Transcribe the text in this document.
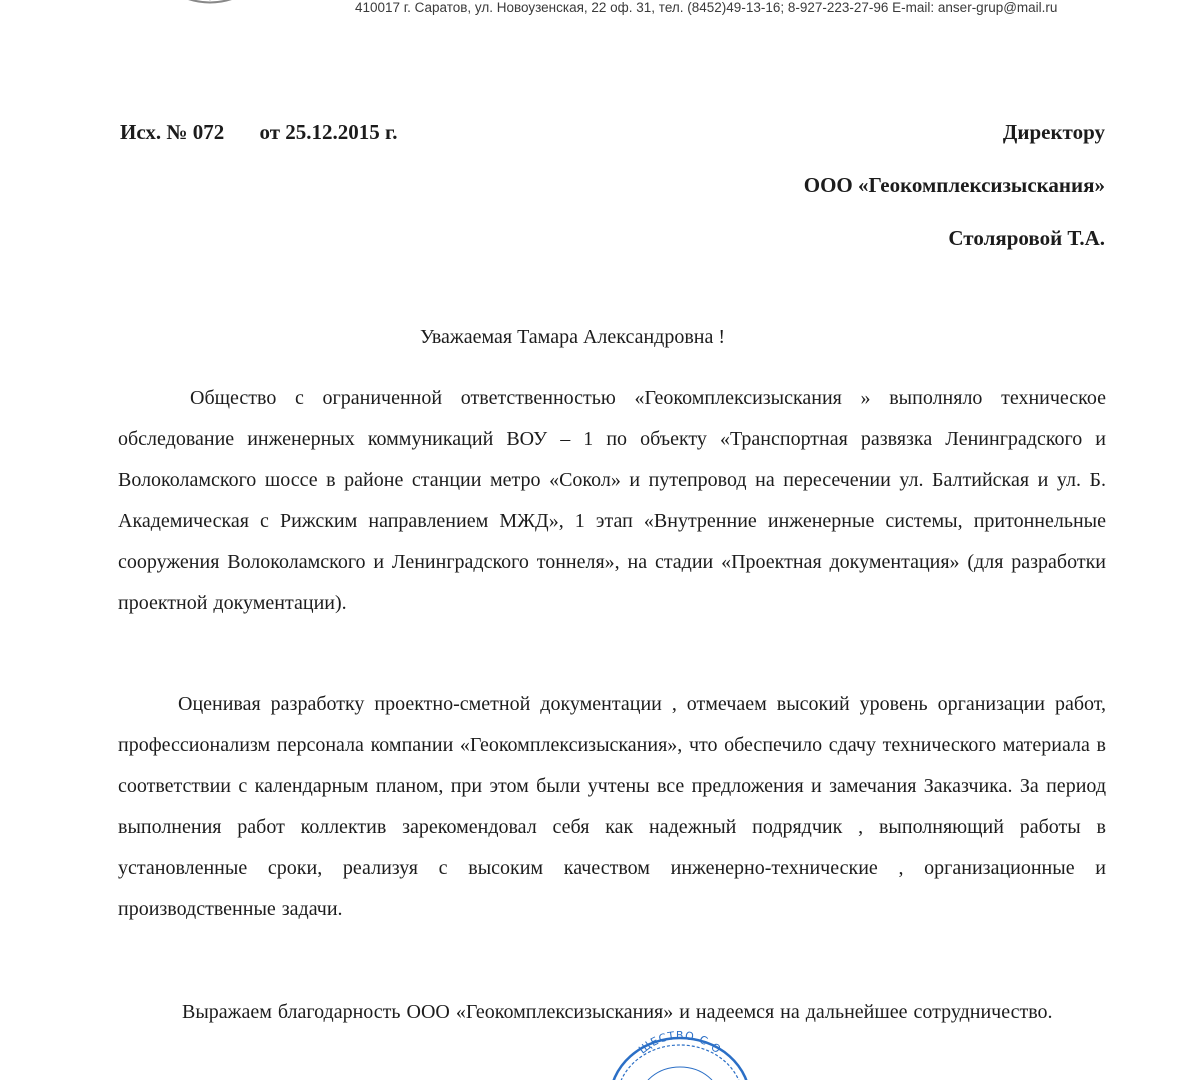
410017 г. Саратов, ул. Новоузенская, 22 оф. 31, тел. (8452)49-13-16; 8-927-223-27-96 E-mail: anser-grup@mail.ru
Исх. № 072 от 25.12.2015 г.	Директору
ООО «Геокомплексизыскания»
Столяровой Т.А.
Уважаемая Тамара Александровна !
Общество с ограниченной ответственностью «Геокомплексизыскания » выполняло техническое обследование инженерных коммуникаций ВОУ – 1 по объекту «Транспортная развязка Ленинградского и Волоколамского шоссе в районе станции метро «Сокол» и путепровод на пересечении ул. Балтийская и ул. Б. Академическая с Рижским направлением МЖД», 1 этап «Внутренние инженерные системы, притоннельные сооружения Волоколамского и Ленинградского тоннеля», на стадии «Проектная документация» (для разработки проектной документации).
Оценивая разработку проектно-сметной документации , отмечаем высокий уровень организации работ, профессионализм персонала компании «Геокомплексизыскания», что обеспечило сдачу технического материала в соответствии с календарным планом, при этом были учтены все предложения и замечания Заказчика. За период выполнения работ коллектив зарекомендовал себя как надежный подрядчик , выполняющий работы в установленные сроки, реализуя с высоким качеством инженерно-технические , организационные и производственные задачи.
Выражаем благодарность ООО «Геокомплексизыскания» и надеемся на дальнейшее сотрудничество.
ЩЕСТВО С О
